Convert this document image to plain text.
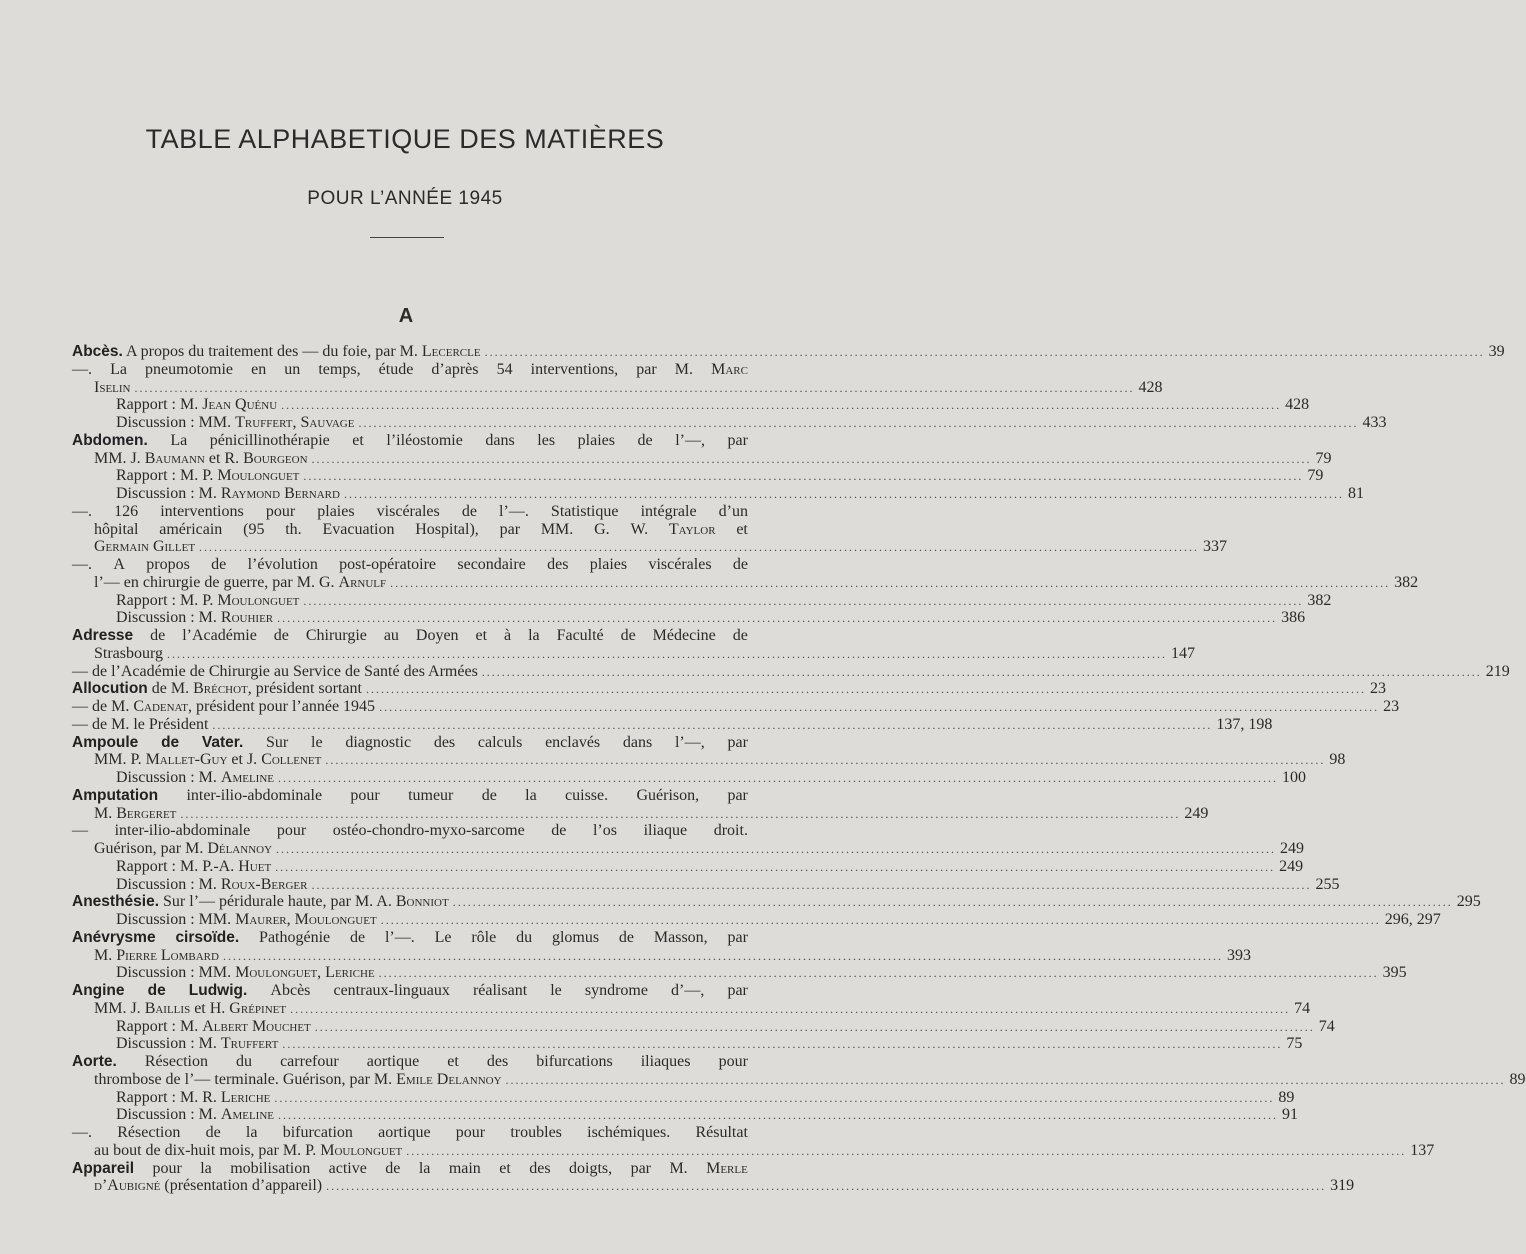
TABLE ALPHABETIQUE DES MATIÈRES
POUR L’ANNÉE 1945
A
Abcès. A propos du traitement des — du foie, par M. Lecercle ........................................................................................................................................................................................................ 39
—. La pneumotomie en un temps, étude d’après 54 interventions, par M. Marc
Iselin ........................................................................................................................................................................................................ 428
Rapport : M. Jean Quénu ........................................................................................................................................................................................................ 428
Discussion : MM. Truffert, Sauvage ........................................................................................................................................................................................................ 433
Abdomen. La pénicillinothérapie et l’iléostomie dans les plaies de l’—, par
MM. J. Baumann et R. Bourgeon ........................................................................................................................................................................................................ 79
Rapport : M. P. Moulonguet ........................................................................................................................................................................................................ 79
Discussion : M. Raymond Bernard ........................................................................................................................................................................................................ 81
—. 126 interventions pour plaies viscérales de l’—. Statistique intégrale d’un
hôpital américain (95 th. Evacuation Hospital), par MM. G. W. Taylor et
Germain Gillet ........................................................................................................................................................................................................ 337
—. A propos de l’évolution post-opératoire secondaire des plaies viscérales de
l’— en chirurgie de guerre, par M. G. Arnulf ........................................................................................................................................................................................................ 382
Rapport : M. P. Moulonguet ........................................................................................................................................................................................................ 382
Discussion : M. Rouhier ........................................................................................................................................................................................................ 386
Adresse de l’Académie de Chirurgie au Doyen et à la Faculté de Médecine de
Strasbourg ........................................................................................................................................................................................................ 147
— de l’Académie de Chirurgie au Service de Santé des Armées ........................................................................................................................................................................................................ 219
Allocution de M. Bréchot, président sortant ........................................................................................................................................................................................................ 23
— de M. Cadenat, président pour l’année 1945 ........................................................................................................................................................................................................ 23
— de M. le Président ........................................................................................................................................................................................................ 137, 198
Ampoule de Vater. Sur le diagnostic des calculs enclavés dans l’—, par
MM. P. Mallet-Guy et J. Collenet ........................................................................................................................................................................................................ 98
Discussion : M. Ameline ........................................................................................................................................................................................................ 100
Amputation inter-ilio-abdominale pour tumeur de la cuisse. Guérison, par
M. Bergeret ........................................................................................................................................................................................................ 249
— inter-ilio-abdominale pour ostéo-chondro-myxo-sarcome de l’os iliaque droit.
Guérison, par M. Délannoy ........................................................................................................................................................................................................ 249
Rapport : M. P.-A. Huet ........................................................................................................................................................................................................ 249
Discussion : M. Roux-Berger ........................................................................................................................................................................................................ 255
Anesthésie. Sur l’— péridurale haute, par M. A. Bonniot ........................................................................................................................................................................................................ 295
Discussion : MM. Maurer, Moulonguet ........................................................................................................................................................................................................ 296, 297
Anévrysme cirsoïde. Pathogénie de l’—. Le rôle du glomus de Masson, par
M. Pierre Lombard ........................................................................................................................................................................................................ 393
Discussion : MM. Moulonguet, Leriche ........................................................................................................................................................................................................ 395
Angine de Ludwig. Abcès centraux-linguaux réalisant le syndrome d’—, par
MM. J. Baillis et H. Grépinet ........................................................................................................................................................................................................ 74
Rapport : M. Albert Mouchet ........................................................................................................................................................................................................ 74
Discussion : M. Truffert ........................................................................................................................................................................................................ 75
Aorte. Résection du carrefour aortique et des bifurcations iliaques pour
thrombose de l’— terminale. Guérison, par M. Emile Delannoy ........................................................................................................................................................................................................ 89
Rapport : M. R. Leriche ........................................................................................................................................................................................................ 89
Discussion : M. Ameline ........................................................................................................................................................................................................ 91
—. Résection de la bifurcation aortique pour troubles ischémiques. Résultat
au bout de dix-huit mois, par M. P. Moulonguet ........................................................................................................................................................................................................ 137
Appareil pour la mobilisation active de la main et des doigts, par M. Merle
d’Aubigné (présentation d’appareil) ........................................................................................................................................................................................................ 319
